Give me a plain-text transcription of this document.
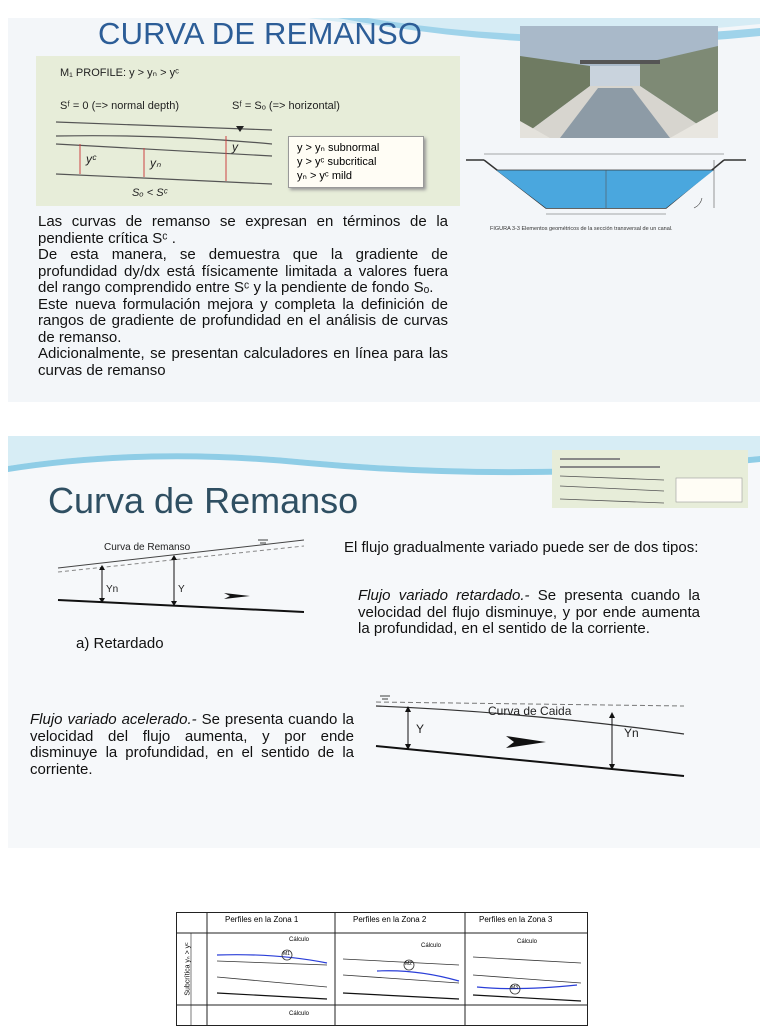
CURVA DE REMANSO
M₁ PROFILE: y > yₙ > yᶜ
Sᶠ = 0 (=> normal depth)	Sᶠ = Sₒ (=> horizontal)
yᶜ	yₙ
y
Sₒ < Sᶜ
y > yₙ subnormal
y > yᶜ subcritical
yₙ > yᶜ mild
FIGURA 3-3 Elementos geométricos de la sección transversal de un canal.
Las curvas de remanso se expresan en términos de la pendiente crítica Sᶜ .
De esta manera, se demuestra que la gradiente de profundidad dy/dx está físicamente limitada a valores fuera del rango comprendido entre Sᶜ y la pendiente de fondo Sₒ.
Este nueva formulación mejora y completa la definición de rangos de gradiente de profundidad en el análisis de curvas de remanso.
Adicionalmente, se presentan calculadores en línea para las curvas de remanso
Curva de Remanso
Curva de Remanso
Yn	Y
a) Retardado
El flujo gradualmente variado puede ser de dos tipos:
Flujo variado retardado.- Se presenta cuando la velocidad del flujo disminuye, y por ende aumenta la profundidad, en el sentido de la corriente.
Flujo variado acelerado.- Se presenta cuando la velocidad del flujo aumenta, y por ende disminuye la profundidad, en el sentido de la corriente.
Curva de Caida
Y	Yn
Perfiles en la Zona 1	Perfiles en la Zona 2	Perfiles en la Zona 3
Subcrítica yₙ > yᶜ
Cálculo
Cálculo
Cálculo
Cálculo
M1
M2
M3
